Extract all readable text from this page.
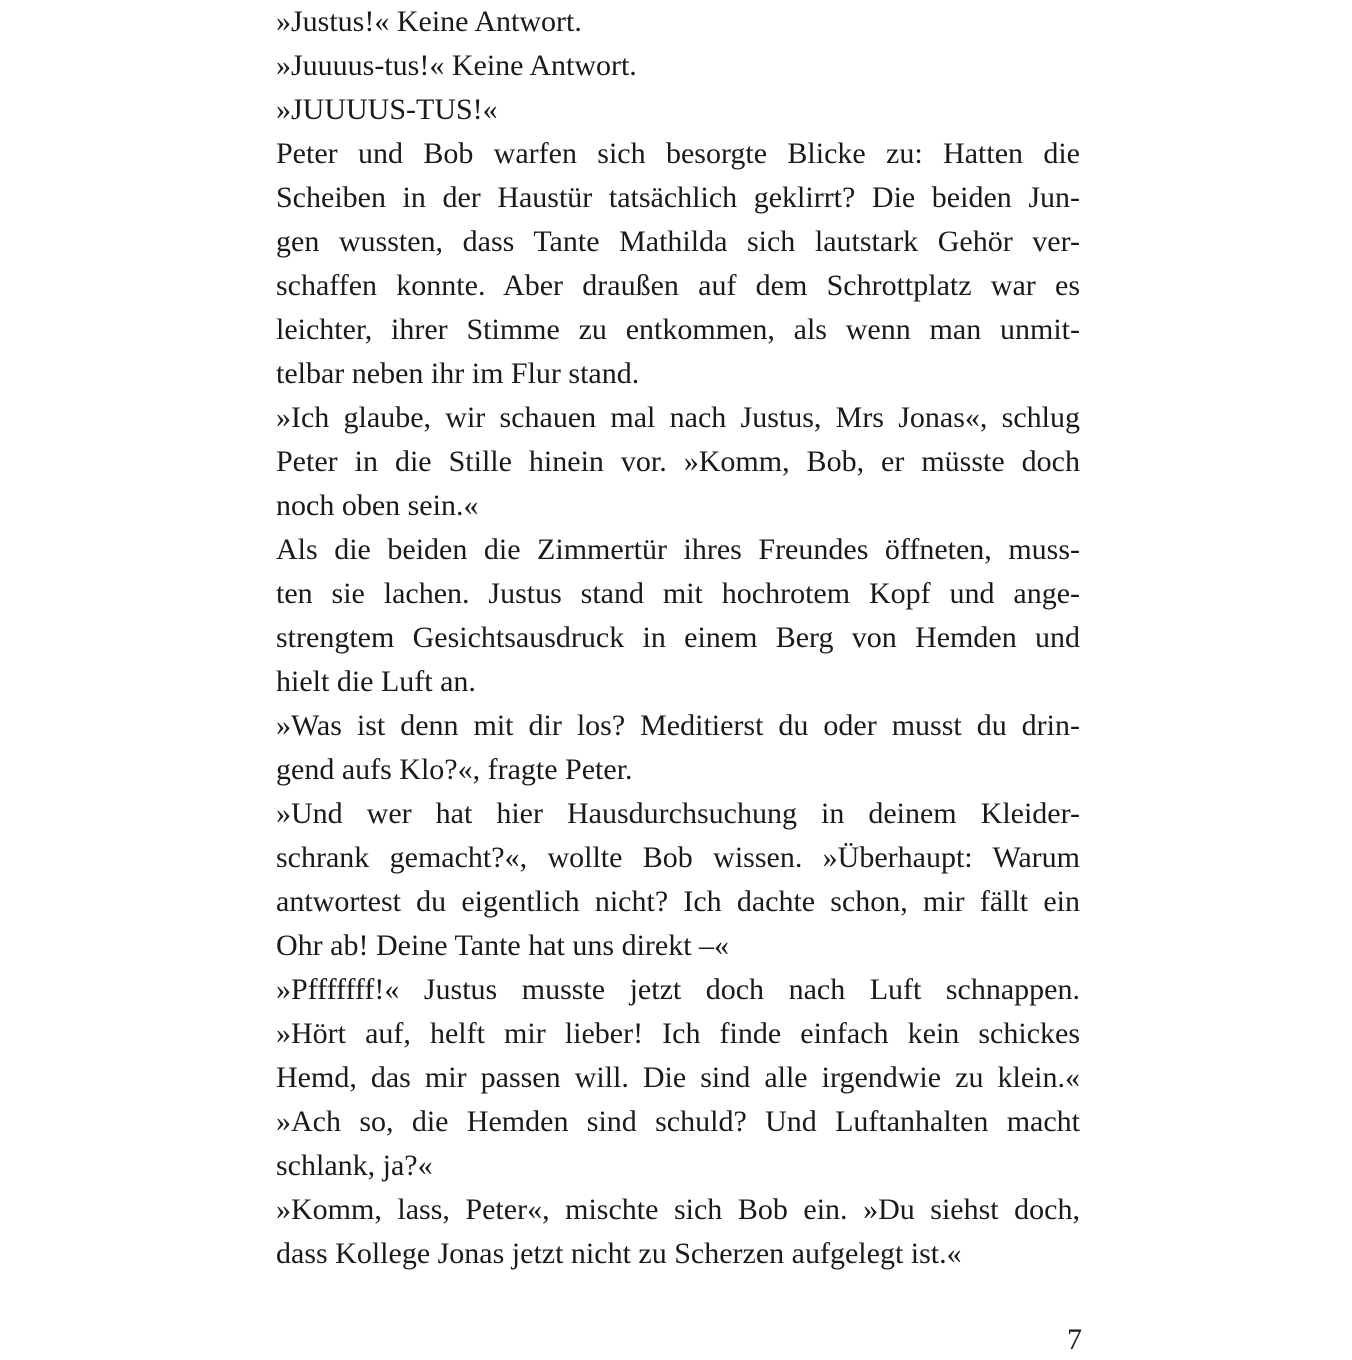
»Justus!« Keine Antwort.
»Juuuus-tus!« Keine Antwort.
»JUUUUS-TUS!«
Peter und Bob warfen sich besorgte Blicke zu: Hatten die
Scheiben in der Haustür tatsächlich geklirrt? Die beiden Jun-
gen wussten, dass Tante Mathilda sich lautstark Gehör ver-
schaffen konnte. Aber draußen auf dem Schrottplatz war es
leichter, ihrer Stimme zu entkommen, als wenn man unmit-
telbar neben ihr im Flur stand.
»Ich glaube, wir schauen mal nach Justus, Mrs Jonas«, schlug
Peter in die Stille hinein vor. »Komm, Bob, er müsste doch
noch oben sein.«
Als die beiden die Zimmertür ihres Freundes öffneten, muss-
ten sie lachen. Justus stand mit hochrotem Kopf und ange-
strengtem Gesichtsausdruck in einem Berg von Hemden und
hielt die Luft an.
»Was ist denn mit dir los? Meditierst du oder musst du drin-
gend aufs Klo?«, fragte Peter.
»Und wer hat hier Hausdurchsuchung in deinem Kleider-
schrank gemacht?«, wollte Bob wissen. »Überhaupt: Warum
antwortest du eigentlich nicht? Ich dachte schon, mir fällt ein
Ohr ab! Deine Tante hat uns direkt –«
»Pfffffff!« Justus musste jetzt doch nach Luft schnappen.
»Hört auf, helft mir lieber! Ich finde einfach kein schickes
Hemd, das mir passen will. Die sind alle irgendwie zu klein.«
»Ach so, die Hemden sind schuld? Und Luftanhalten macht
schlank, ja?«
»Komm, lass, Peter«, mischte sich Bob ein. »Du siehst doch,
dass Kollege Jonas jetzt nicht zu Scherzen aufgelegt ist.«
7
